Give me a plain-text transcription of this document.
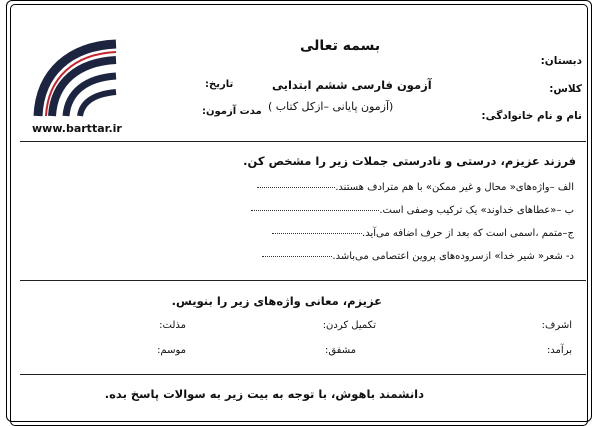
www.barttar.ir
بسمه تعالی
دبستان:
کلاس:
نام و نام خانوادگی:
آزمون فارسی ششم ابتدایی
(آزمون پایانی –ازکل کتاب )
تاریخ:
مدت آزمون:
فرزند عزیزم، درستی و نادرستی جملات زیر را مشخص کن.
الف –واژه‌های« محال و غیر ممکن» با هم مترادف هستند.
ب –«عطاهای خداوند» یک ترکیب وصفی است.
ج–متمم ،اسمی است که بعد از حرف اضافه می‌آید.
د- شعر« شیر خدا» ازسروده‌های پروین اعتصامی می‌باشد.
عزیزم، معانی واژه‌های زیر را بنویس.
اشرف:
تکمیل کردن:
مذلت:
برآمد:
مشفق:
موسم:
دانشمند باهوش، با توجه به بیت زیر به سوالات پاسخ بده.
